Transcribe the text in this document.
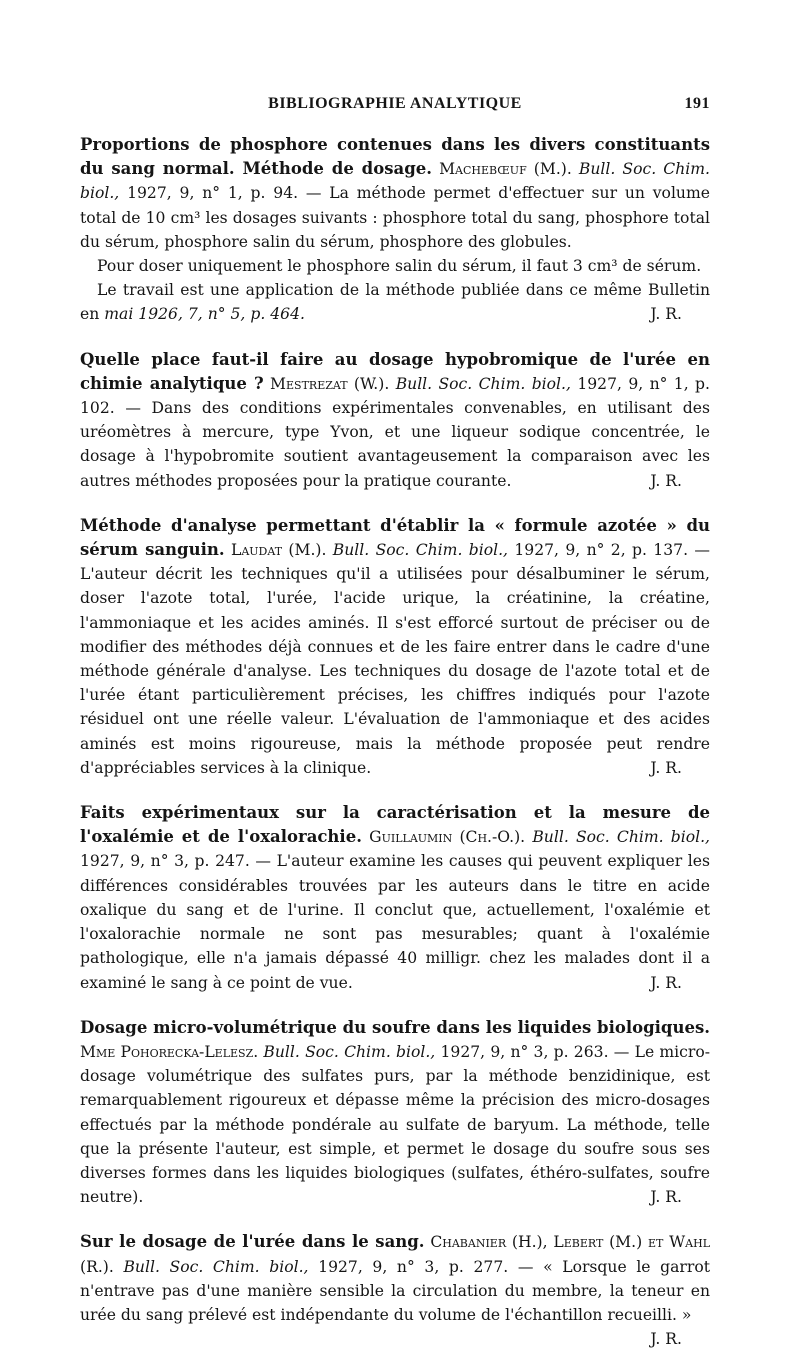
BIBLIOGRAPHIE ANALYTIQUE	191

Proportions de phosphore contenues dans les divers constituants du sang normal. Méthode de dosage. Machebœuf (M.). Bull. Soc. Chim. biol., 1927, 9, n° 1, p. 94. — La méthode permet d'effectuer sur un volume total de 10 cm³ les dosages suivants : phosphore total du sang, phosphore total du sérum, phosphore salin du sérum, phosphore des globules.

Pour doser uniquement le phosphore salin du sérum, il faut 3 cm³ de sérum.

Le travail est une application de la méthode publiée dans ce même Bulletin en mai 1926, 7, n° 5, p. 464.	J. R.

Quelle place faut-il faire au dosage hypobromique de l'urée en chimie analytique ? Mestrezat (W.). Bull. Soc. Chim. biol., 1927, 9, n° 1, p. 102. — Dans des conditions expérimentales convenables, en utilisant des uréomètres à mercure, type Yvon, et une liqueur sodique concentrée, le dosage à l'hypobromite soutient avantageusement la comparaison avec les autres méthodes proposées pour la pratique courante.	J. R.

Méthode d'analyse permettant d'établir la « formule azotée » du sérum sanguin. Laudat (M.). Bull. Soc. Chim. biol., 1927, 9, n° 2, p. 137. — L'auteur décrit les techniques qu'il a utilisées pour désalbuminer le sérum, doser l'azote total, l'urée, l'acide urique, la créatinine, la créatine, l'ammoniaque et les acides aminés. Il s'est efforcé surtout de préciser ou de modifier des méthodes déjà connues et de les faire entrer dans le cadre d'une méthode générale d'analyse. Les techniques du dosage de l'azote total et de l'urée étant particulièrement précises, les chiffres indiqués pour l'azote résiduel ont une réelle valeur. L'évaluation de l'ammoniaque et des acides aminés est moins rigoureuse, mais la méthode proposée peut rendre d'appréciables services à la clinique.	J. R.

Faits expérimentaux sur la caractérisation et la mesure de l'oxalémie et de l'oxalorachie. Guillaumin (Ch.-O.). Bull. Soc. Chim. biol., 1927, 9, n° 3, p. 247. — L'auteur examine les causes qui peuvent expliquer les différences considérables trouvées par les auteurs dans le titre en acide oxalique du sang et de l'urine. Il conclut que, actuellement, l'oxalémie et l'oxalorachie normale ne sont pas mesurables; quant à l'oxalémie pathologique, elle n'a jamais dépassé 40 milligr. chez les malades dont il a examiné le sang à ce point de vue.	J. R.

Dosage micro-volumétrique du soufre dans les liquides biologiques. Mme Pohorecka-Lelesz. Bull. Soc. Chim. biol., 1927, 9, n° 3, p. 263. — Le micro-dosage volumétrique des sulfates purs, par la méthode benzidinique, est remarquablement rigoureux et dépasse même la précision des micro-dosages effectués par la méthode pondérale au sulfate de baryum. La méthode, telle que la présente l'auteur, est simple, et permet le dosage du soufre sous ses diverses formes dans les liquides biologiques (sulfates, éthéro-sulfates, soufre neutre).	J. R.

Sur le dosage de l'urée dans le sang. Chabanier (H.), Lebert (M.) et Wahl (R.). Bull. Soc. Chim. biol., 1927, 9, n° 3, p. 277. — « Lorsque le garrot n'entrave pas d'une manière sensible la circulation du membre, la teneur en urée du sang prélevé est indépendante du volume de l'échantillon recueilli. »
J. R.
